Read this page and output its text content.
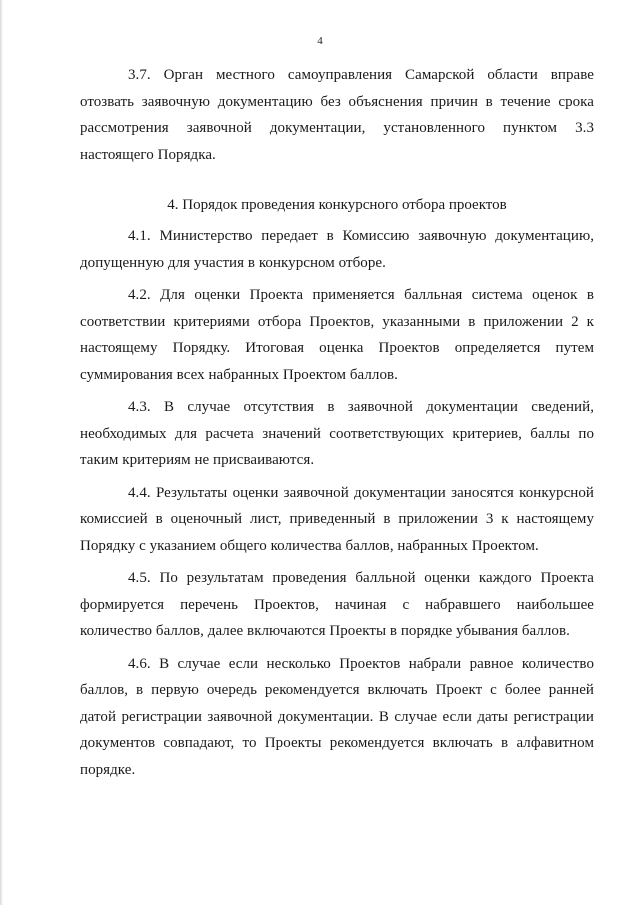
4

3.7. Орган местного самоуправления Самарской области вправе отозвать заявочную документацию без объяснения причин в течение срока рассмотрения заявочной документации, установленного пунктом 3.3 настоящего Порядка.

4. Порядок проведения конкурсного отбора проектов

4.1. Министерство передает в Комиссию заявочную документацию, допущенную для участия в конкурсном отборе.

4.2. Для оценки Проекта применяется балльная система оценок в соответствии критериями отбора Проектов, указанными в приложении 2 к настоящему Порядку. Итоговая оценка Проектов определяется путем суммирования всех набранных Проектом баллов.

4.3. В случае отсутствия в заявочной документации сведений, необходимых для расчета значений соответствующих критериев, баллы по таким критериям не присваиваются.

4.4. Результаты оценки заявочной документации заносятся конкурсной комиссией в оценочный лист, приведенный в приложении 3 к настоящему Порядку с указанием общего количества баллов, набранных Проектом.

4.5. По результатам проведения балльной оценки каждого Проекта формируется перечень Проектов, начиная с набравшего наибольшее количество баллов, далее включаются Проекты в порядке убывания баллов.

4.6. В случае если несколько Проектов набрали равное количество баллов, в первую очередь рекомендуется включать Проект с более ранней датой регистрации заявочной документации. В случае если даты регистрации документов совпадают, то Проекты рекомендуется включать в алфавитном порядке.
